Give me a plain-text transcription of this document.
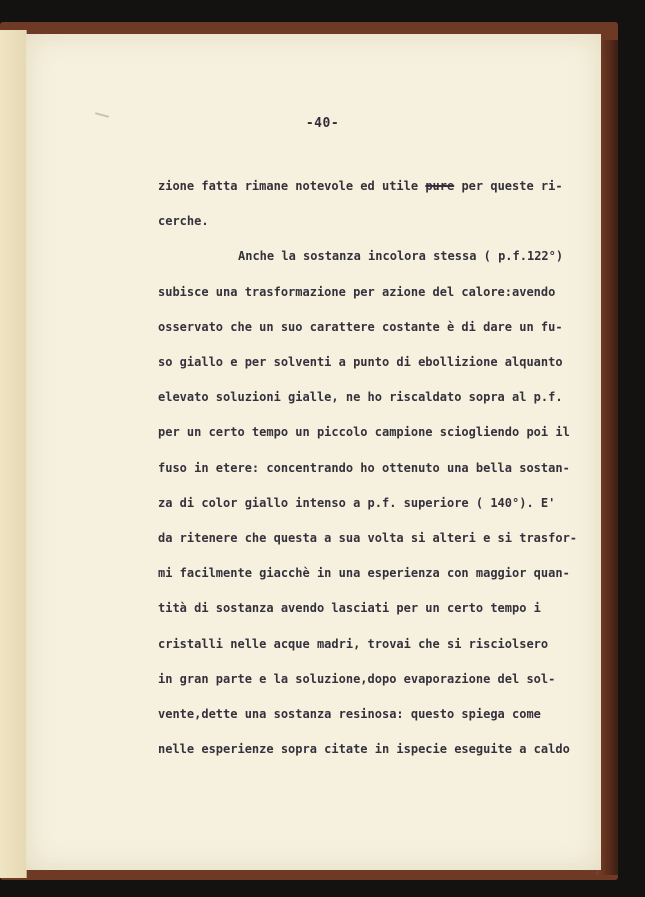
-40-
zione fatta rimane notevole ed utile pure per queste ri-
cerche.
Anche la sostanza incolora stessa ( p.f.122°)
subisce una trasformazione per azione del calore:avendo
osservato che un suo carattere costante è di dare un fu-
so giallo e per solventi a punto di ebollizione alquanto
elevato soluzioni gialle, ne ho riscaldato sopra al p.f.
per un certo tempo un piccolo campione sciogliendo poi il
fuso in etere: concentrando ho ottenuto una bella sostan-
za di color giallo intenso a p.f. superiore ( 140°). E'
da ritenere che questa a sua volta si alteri e si trasfor-
mi facilmente giacchè in una esperienza con maggior quan-
tità di sostanza avendo lasciati per un certo tempo i
cristalli nelle acque madri, trovai che si risciolsero
in gran parte e la soluzione,dopo evaporazione del sol-
vente,dette una sostanza resinosa: questo spiega come
nelle esperienze sopra citate in ispecie eseguite a caldo
